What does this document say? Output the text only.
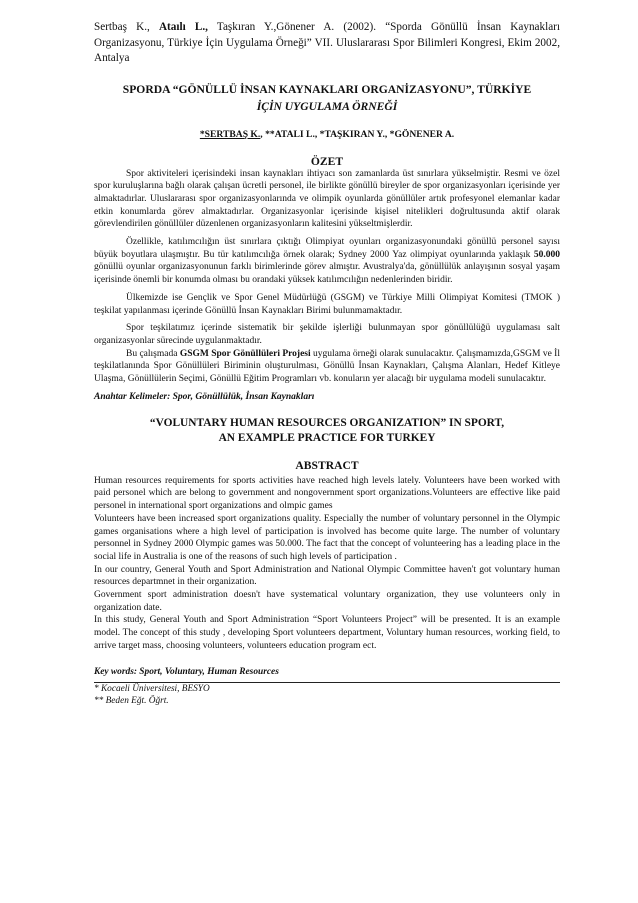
Sertbaş K., Ataılı L., Taşkıran Y.,Gönener A. (2002). “Sporda Gönüllü İnsan Kaynakları Organizasyonu, Türkiye İçin Uygulama Örneği” VII. Uluslararası Spor Bilimleri Kongresi, Ekim 2002, Antalya

SPORDA “GÖNÜLLÜ İNSAN KAYNAKLARI ORGANİZASYONU”, TÜRKİYE
İÇİN UYGULAMA ÖRNEĞİ
*SERTBAŞ K., **ATALI L., *TAŞKIRAN Y., *GÖNENER A.
ÖZET

Spor aktiviteleri içerisindeki insan kaynakları ihtiyacı son zamanlarda üst sınırlara yükselmiştir. Resmi ve özel spor kuruluşlarına bağlı olarak çalışan ücretli personel, ile birlikte gönüllü bireyler de spor organizasyonları içerisinde yer almaktadırlar. Uluslararası spor organizasyonlarında ve olimpik oyunlarda gönüllüler artık profesyonel elemanlar kadar etkin konumlarda görev almaktadırlar. Organizasyonlar içerisinde kişisel nitelikleri doğrultusunda aktif olarak görevlendirilen gönüllüler düzenlenen organizasyonların kalitesini yükseltmişlerdir.

Özellikle, katılımcılığın üst sınırlara çıktığı Olimpiyat oyunları organizasyonundaki gönüllü personel sayısı büyük boyutlara ulaşmıştır. Bu tür katılımcılığa örnek olarak; Sydney 2000 Yaz olimpiyat oyunlarında yaklaşık 50.000 gönüllü oyunlar organizasyonunun farklı birimlerinde görev almıştır. Avustralya'da, gönüllülük anlayışının sosyal yaşam içerisinde önemli bir konumda olması bu orandaki yüksek katılımcılığın nedenlerinden biridir.

Ülkemizde ise Gençlik ve Spor Genel Müdürlüğü (GSGM) ve Türkiye Milli Olimpiyat Komitesi (TMOK ) teşkilat yapılanması içerinde Gönüllü İnsan Kaynakları Birimi bulunmamaktadır.

Spor teşkilatımız içerinde sistematik bir şekilde işlerliği bulunmayan spor gönüllülüğü uygulaması salt organizasyonlar sürecinde uygulanmaktadır.

Bu çalışmada GSGM Spor Gönüllüleri Projesi uygulama örneği olarak sunulacaktır. Çalışmamızda,GSGM ve İl teşkilatlanında Spor Gönüllüleri Biriminin oluşturulması, Gönüllü İnsan Kaynakları, Çalışma Alanları, Hedef Kitleye Ulaşma, Gönüllülerin Seçimi, Gönüllü Eğitim Programları vb. konuların yer alacağı bir uygulama modeli sunulacaktır.

Anahtar Kelimeler: Spor, Gönüllülük, İnsan Kaynakları
“VOLUNTARY HUMAN RESOURCES ORGANIZATION” IN SPORT,
AN EXAMPLE PRACTICE FOR TURKEY
ABSTRACT

Human resources requirements for sports activities have reached high levels lately. Volunteers have been worked with paid personel which are belong to government and nongovernment sport organizations.Volunteers are effective like paid personel in international sport organizations and olmpic games

Volunteers have been increased sport organizations quality. Especially the number of voluntary personnel in the Olympic games organisations where a high level of participation is involved has become quite large. The number of voluntary personnel in Sydney 2000 Olympic games was 50.000. The fact that the concept of volunteering has a leading place in the social life in Australia is one of the reasons of such high levels of participation .

In our country, General Youth and Sport Administration and National Olympic Committee haven't got voluntary human resources departmnet in their organization.

Government sport administration doesn't have systematical voluntary organization, they use volunteers only in organization date.

In this study, General Youth and Sport Administration “Sport Volunteers Project” will be presented. It is an example model. The concept of this study , developing Sport volunteers department, Voluntary human resources, working field, to arrive target mass, choosing volunteers, volunteers education program ect.

Key words: Sport, Voluntary, Human Resources
* Kocaeli Üniversitesi, BESYO
** Beden Eğt. Öğrt.
